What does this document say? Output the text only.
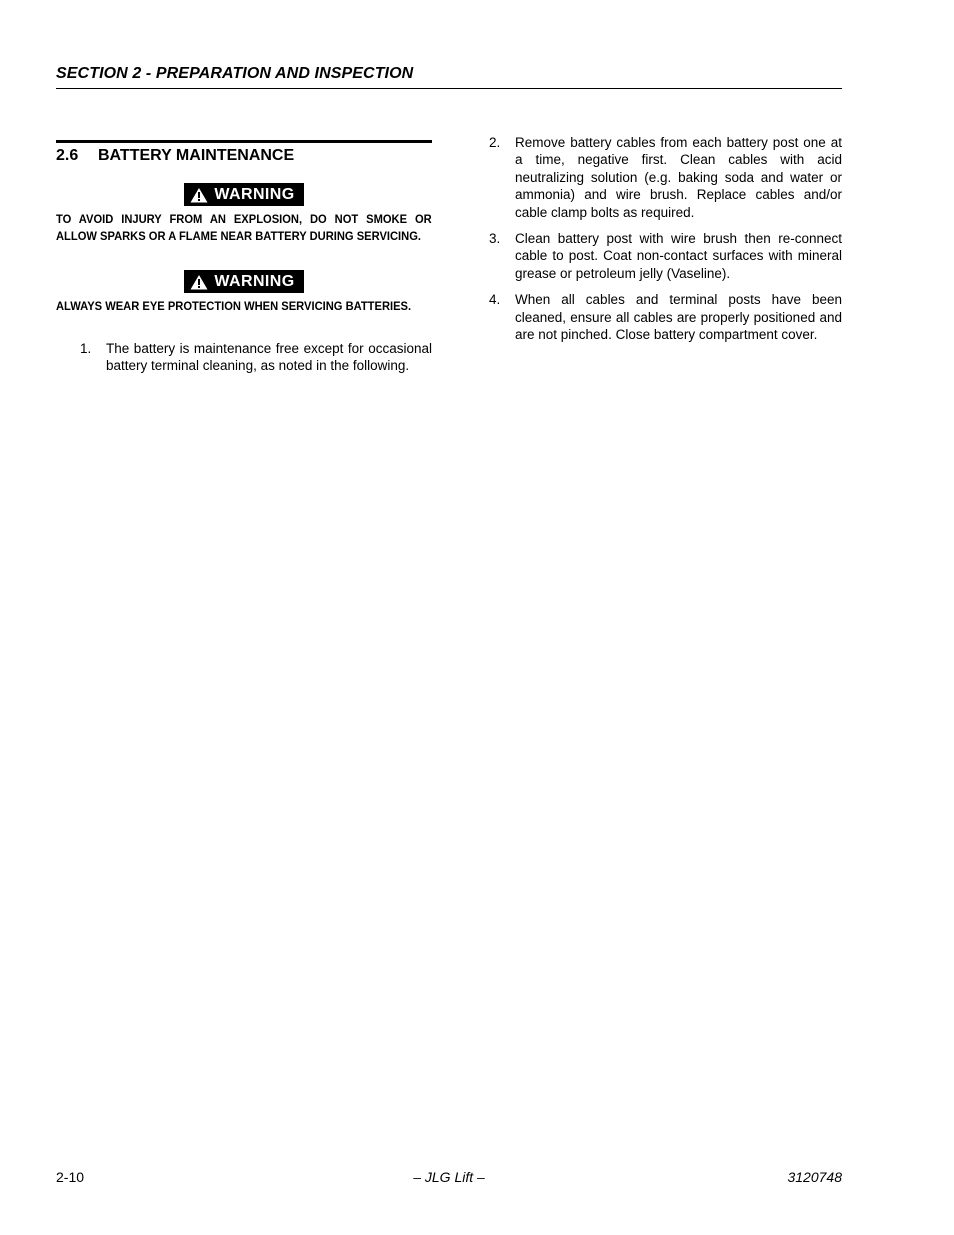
SECTION 2 - PREPARATION AND INSPECTION
2.6 BATTERY MAINTENANCE
WARNING
TO AVOID INJURY FROM AN EXPLOSION, DO NOT SMOKE OR ALLOW SPARKS OR A FLAME NEAR BATTERY DURING SERVICING.
WARNING
ALWAYS WEAR EYE PROTECTION WHEN SERVICING BATTERIES.
1.	The battery is maintenance free except for occasional battery terminal cleaning, as noted in the following.
2.	Remove battery cables from each battery post one at a time, negative first. Clean cables with acid neutralizing solution (e.g. baking soda and water or ammonia) and wire brush. Replace cables and/or cable clamp bolts as required.
3.	Clean battery post with wire brush then re-connect cable to post. Coat non-contact surfaces with mineral grease or petroleum jelly (Vaseline).
4.	When all cables and terminal posts have been cleaned, ensure all cables are properly positioned and are not pinched. Close battery compartment cover.
2-10	– JLG Lift –	3120748
